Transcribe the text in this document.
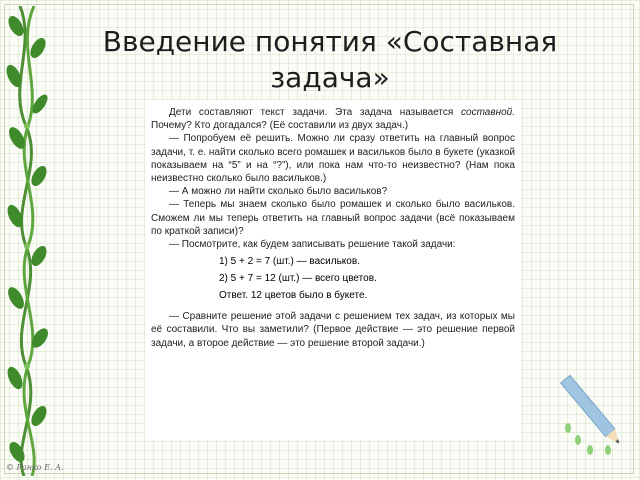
Введение понятия «Составная задача»

Дети составляют текст задачи. Эта задача называется составной. Почему? Кто догадался? (Её составили из двух задач.)

— Попробуем её решить. Можно ли сразу ответить на главный вопрос задачи, т. е. найти сколько всего ромашек и васильков было в букете (указкой показываем на “5” и на “?”), или пока нам что-то неизвестно? (Нам пока неизвестно сколько было васильков.)

— А можно ли найти сколько было васильков?

— Теперь мы знаем сколько было ромашек и сколько было васильков. Сможем ли мы теперь ответить на главный вопрос задачи (всё показываем по краткой записи)?

— Посмотрите, как будем записывать решение такой задачи:

1) 5 + 2 = 7 (шт.) — васильков.
2) 5 + 7 = 12 (шт.) — всего цветов.
Ответ. 12 цветов было в букете.

— Сравните решение этой задачи с решением тех задач, из которых мы её составили. Что вы заметили? (Первое действие — это решение первой задачи, а второе действие — это решение второй задачи.)

© Ранко Е. А.
